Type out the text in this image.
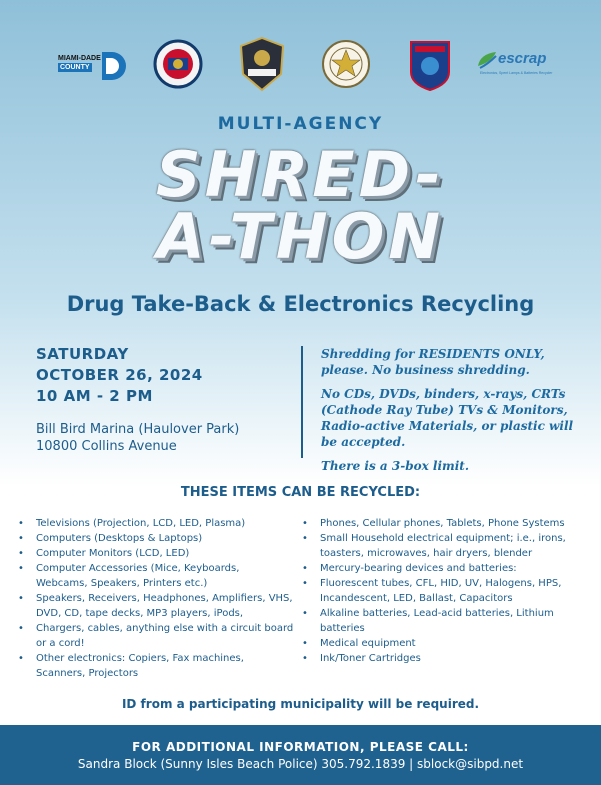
MIAMI-DADE
COUNTY
escrap
Electronics, Spent Lamps & Batteries Recycler
MULTI-AGENCY
SHRED-
A-THON
Drug Take-Back & Electronics Recycling
SATURDAY
OCTOBER 26, 2024
10 AM - 2 PM
Bill Bird Marina (Haulover Park)
10800 Collins Avenue

Shredding for RESIDENTS ONLY, please. No business shredding.

No CDs, DVDs, binders, x-rays, CRTs (Cathode Ray Tube) TVs & Monitors, Radio-active Materials, or plastic will be accepted.

There is a 3-box limit.

THESE ITEMS CAN BE RECYCLED:
• Televisions (Projection, LCD, LED, Plasma)
• Computers (Desktops & Laptops)
• Computer Monitors (LCD, LED)
• Computer Accessories (Mice, Keyboards, Webcams, Speakers, Printers etc.)
• Speakers, Receivers, Headphones, Amplifiers, VHS, DVD, CD, tape decks, MP3 players, iPods,
• Chargers, cables, anything else with a circuit board or a cord!
• Other electronics: Copiers, Fax machines, Scanners, Projectors
• Phones, Cellular phones, Tablets, Phone Systems
• Small Household electrical equipment; i.e., irons, toasters, microwaves, hair dryers, blender
• Mercury-bearing devices and batteries:
• Fluorescent tubes, CFL, HID, UV, Halogens, HPS, Incandescent, LED, Ballast, Capacitors
• Alkaline batteries, Lead-acid batteries, Lithium batteries
• Medical equipment
• Ink/Toner Cartridges
ID from a participating municipality will be required.
FOR ADDITIONAL INFORMATION, PLEASE CALL:
Sandra Block (Sunny Isles Beach Police) 305.792.1839 | sblock@sibpd.net
